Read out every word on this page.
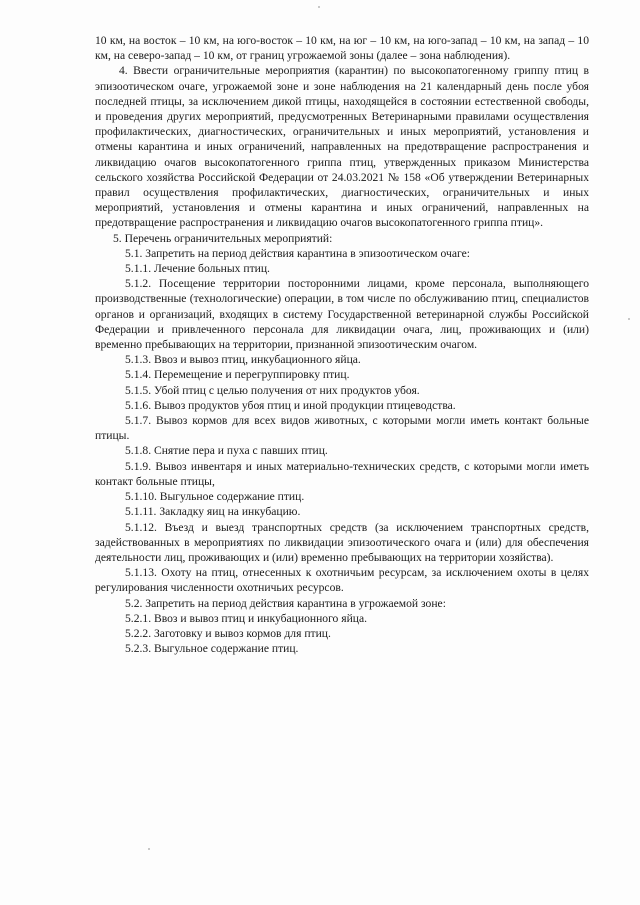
10 км, на восток – 10 км, на юго-восток – 10 км, на юг – 10 км, на юго-запад – 10 км, на запад – 10 км, на северо-запад – 10 км, от границ угрожаемой зоны (далее – зона наблюдения).

4. Ввести ограничительные мероприятия (карантин) по высокопатогенному гриппу птиц в эпизоотическом очаге, угрожаемой зоне и зоне наблюдения на 21 календарный день после убоя последней птицы, за исключением дикой птицы, находящейся в состоянии естественной свободы, и проведения других мероприятий, предусмотренных Ветеринарными правилами осуществления профилактических, диагностических, ограничительных и иных мероприятий, установления и отмены карантина и иных ограничений, направленных на предотвращение распространения и ликвидацию очагов высокопатогенного гриппа птиц, утвержденных приказом Министерства сельского хозяйства Российской Федерации от 24.03.2021 № 158 «Об утверждении Ветеринарных правил осуществления профилактических, диагностических, ограничительных и иных мероприятий, установления и отмены карантина и иных ограничений, направленных на предотвращение распространения и ликвидацию очагов высокопатогенного гриппа птиц».

5. Перечень ограничительных мероприятий:

5.1. Запретить на период действия карантина в эпизоотическом очаге:

5.1.1. Лечение больных птиц.

5.1.2. Посещение территории посторонними лицами, кроме персонала, выполняющего производственные (технологические) операции, в том числе по обслуживанию птиц, специалистов органов и организаций, входящих в систему Государственной ветеринарной службы Российской Федерации и привлеченного персонала для ликвидации очага, лиц, проживающих и (или) временно пребывающих на территории, признанной эпизоотическим очагом.

5.1.3. Ввоз и вывоз птиц, инкубационного яйца.

5.1.4. Перемещение и перегруппировку птиц.

5.1.5. Убой птиц с целью получения от них продуктов убоя.

5.1.6. Вывоз продуктов убоя птиц и иной продукции птицеводства.

5.1.7. Вывоз кормов для всех видов животных, с которыми могли иметь контакт больные птицы.

5.1.8. Снятие пера и пуха с павших птиц.

5.1.9. Вывоз инвентаря и иных материально-технических средств, с которыми могли иметь контакт больные птицы,

5.1.10. Выгульное содержание птиц.

5.1.11. Закладку яиц на инкубацию.

5.1.12. Въезд и выезд транспортных средств (за исключением транспортных средств, задействованных в мероприятиях по ликвидации эпизоотического очага и (или) для обеспечения деятельности лиц, проживающих и (или) временно пребывающих на территории хозяйства).

5.1.13. Охоту на птиц, отнесенных к охотничьим ресурсам, за исключением охоты в целях регулирования численности охотничьих ресурсов.

5.2. Запретить на период действия карантина в угрожаемой зоне:

5.2.1. Ввоз и вывоз птиц и инкубационного яйца.

5.2.2. Заготовку и вывоз кормов для птиц.

5.2.3. Выгульное содержание птиц.
